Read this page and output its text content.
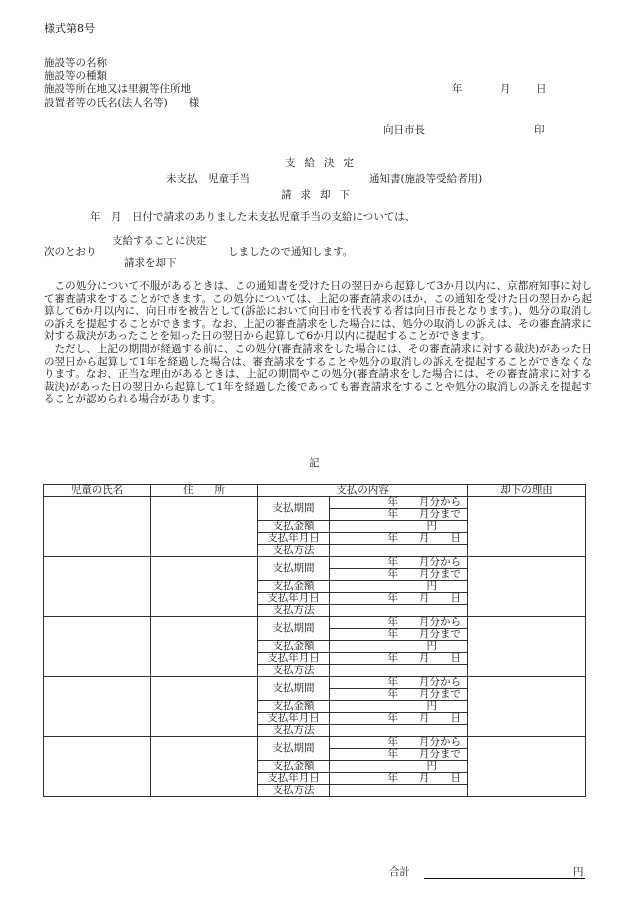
様式第8号
施設等の名称
施設等の種類
施設等所在地又は里親等住所地
設置者等の氏名(法人名等)　　様
年	月 日
向日市長	印
支給決定
未支払　児童手当	通知書(施設等受給者用)
請求却下
年　月　日付で請求のありました未支払児童手当の支給については、
支給することに決定
次のとおり	しましたので通知します。
請求を却下

この処分について不服があるときは、この通知書を受けた日の翌日から起算して3か月以内に、京都府知事に対して審査請求をすることができます。この処分については、上記の審査請求のほか、この通知を受けた日の翌日から起算して6か月以内に、向日市を被告として(訴訟において向日市を代表する者は向日市長となります。)、処分の取消しの訴えを提起することができます。なお、上記の審査請求をした場合には、処分の取消しの訴えは、その審査請求に対する裁決があったことを知った日の翌日から起算して6か月以内に提起することができます。

ただし、上記の期間が経過する前に、この処分(審査請求をした場合には、その審査請求に対する裁決)があった日の翌日から起算して1年を経過した場合は、審査請求をすることや処分の取消しの訴えを提起することができなくなります。なお、正当な理由があるときは、上記の期間やこの処分(審査請求をした場合には、その審査請求に対する裁決)があった日の翌日から起算して1年を経過した後であっても審査請求をすることや処分の取消しの訴えを提起することが認められる場合があります。

記
児童の氏名	住　　所	支払の内容		却下の理由
		支払期間	年　　月分から	
			年　　月分まで	
		支払金額	円	
		支払年月日	年　　月　　日	
		支払方法		
		支払期間	年　　月分から	
			年　　月分まで	
		支払金額	円	
		支払年月日	年　　月　　日	
		支払方法		
		支払期間	年　　月分から	
			年　　月分まで	
		支払金額	円	
		支払年月日	年　　月　　日	
		支払方法		
		支払期間	年　　月分から	
			年　　月分まで	
		支払金額	円	
		支払年月日	年　　月　　日	
		支払方法		
		支払期間	年　　月分から	
			年　　月分まで	
		支払金額	円	
		支払年月日	年　　月　　日	
		支払方法		
合計	円
